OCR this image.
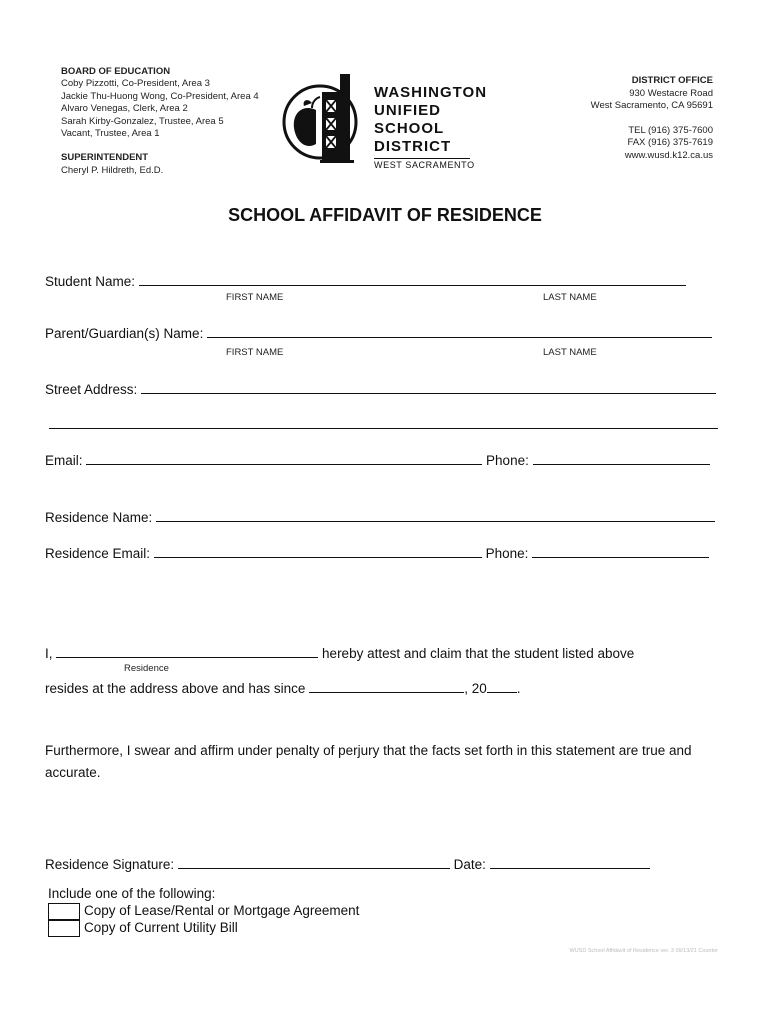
BOARD OF EDUCATION
Coby Pizzotti, Co-President, Area 3
Jackie Thu-Huong Wong, Co-President, Area 4
Alvaro Venegas, Clerk, Area 2
Sarah Kirby-Gonzalez, Trustee, Area 5
Vacant, Trustee, Area 1
SUPERINTENDENT
Cheryl P. Hildreth, Ed.D.
WASHINGTON
UNIFIED
SCHOOL
DISTRICT
WEST SACRAMENTO
DISTRICT OFFICE
930 Westacre Road
West Sacramento, CA 95691
TEL (916) 375-7600
FAX (916) 375-7619
www.wusd.k12.ca.us
SCHOOL AFFIDAVIT OF RESIDENCE
Student Name:
FIRST NAME	LAST NAME
Parent/Guardian(s) Name:
FIRST NAME	LAST NAME
Street Address:
Email:	Phone:
Residence Name:
Residence Email:	Phone:
I,	hereby attest and claim that the student listed above
Residence
resides at the address above and has since	, 20 .
Furthermore, I swear and affirm under penalty of perjury that the facts set forth in this statement are true and accurate.
Residence Signature:	Date:
Include one of the following:
Copy of Lease/Rental or Mortgage Agreement
Copy of Current Utility Bill
WUSD School Affidavit of Residence ver. 3 09/13/21 Counter
